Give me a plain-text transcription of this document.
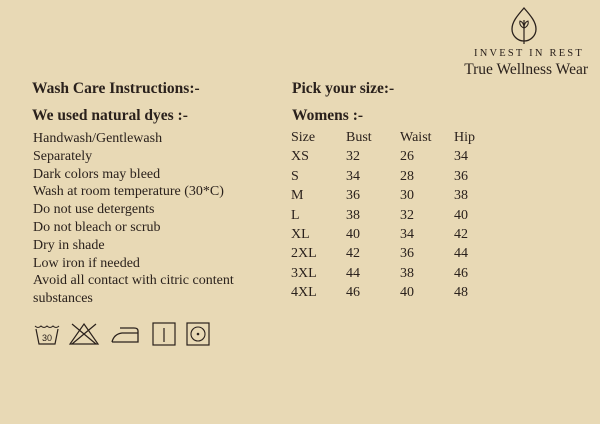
INVEST IN REST
True Wellness Wear
Wash Care Instructions:-
We used natural dyes :-
Handwash/Gentlewash
Separately
Dark colors may bleed
Wash at room temperature (30*C)
Do not use detergents
Do not bleach or scrub
Dry in shade
Low iron if needed
Avoid all contact with citric content substances
30
Pick your size:-
Womens :-
Size	Bust	Waist	Hip
XS	32	26	34
S	34	28	36
M	36	30	38
L	38	32	40
XL	40	34	42
2XL	42	36	44
3XL	44	38	46
4XL	46	40	48
